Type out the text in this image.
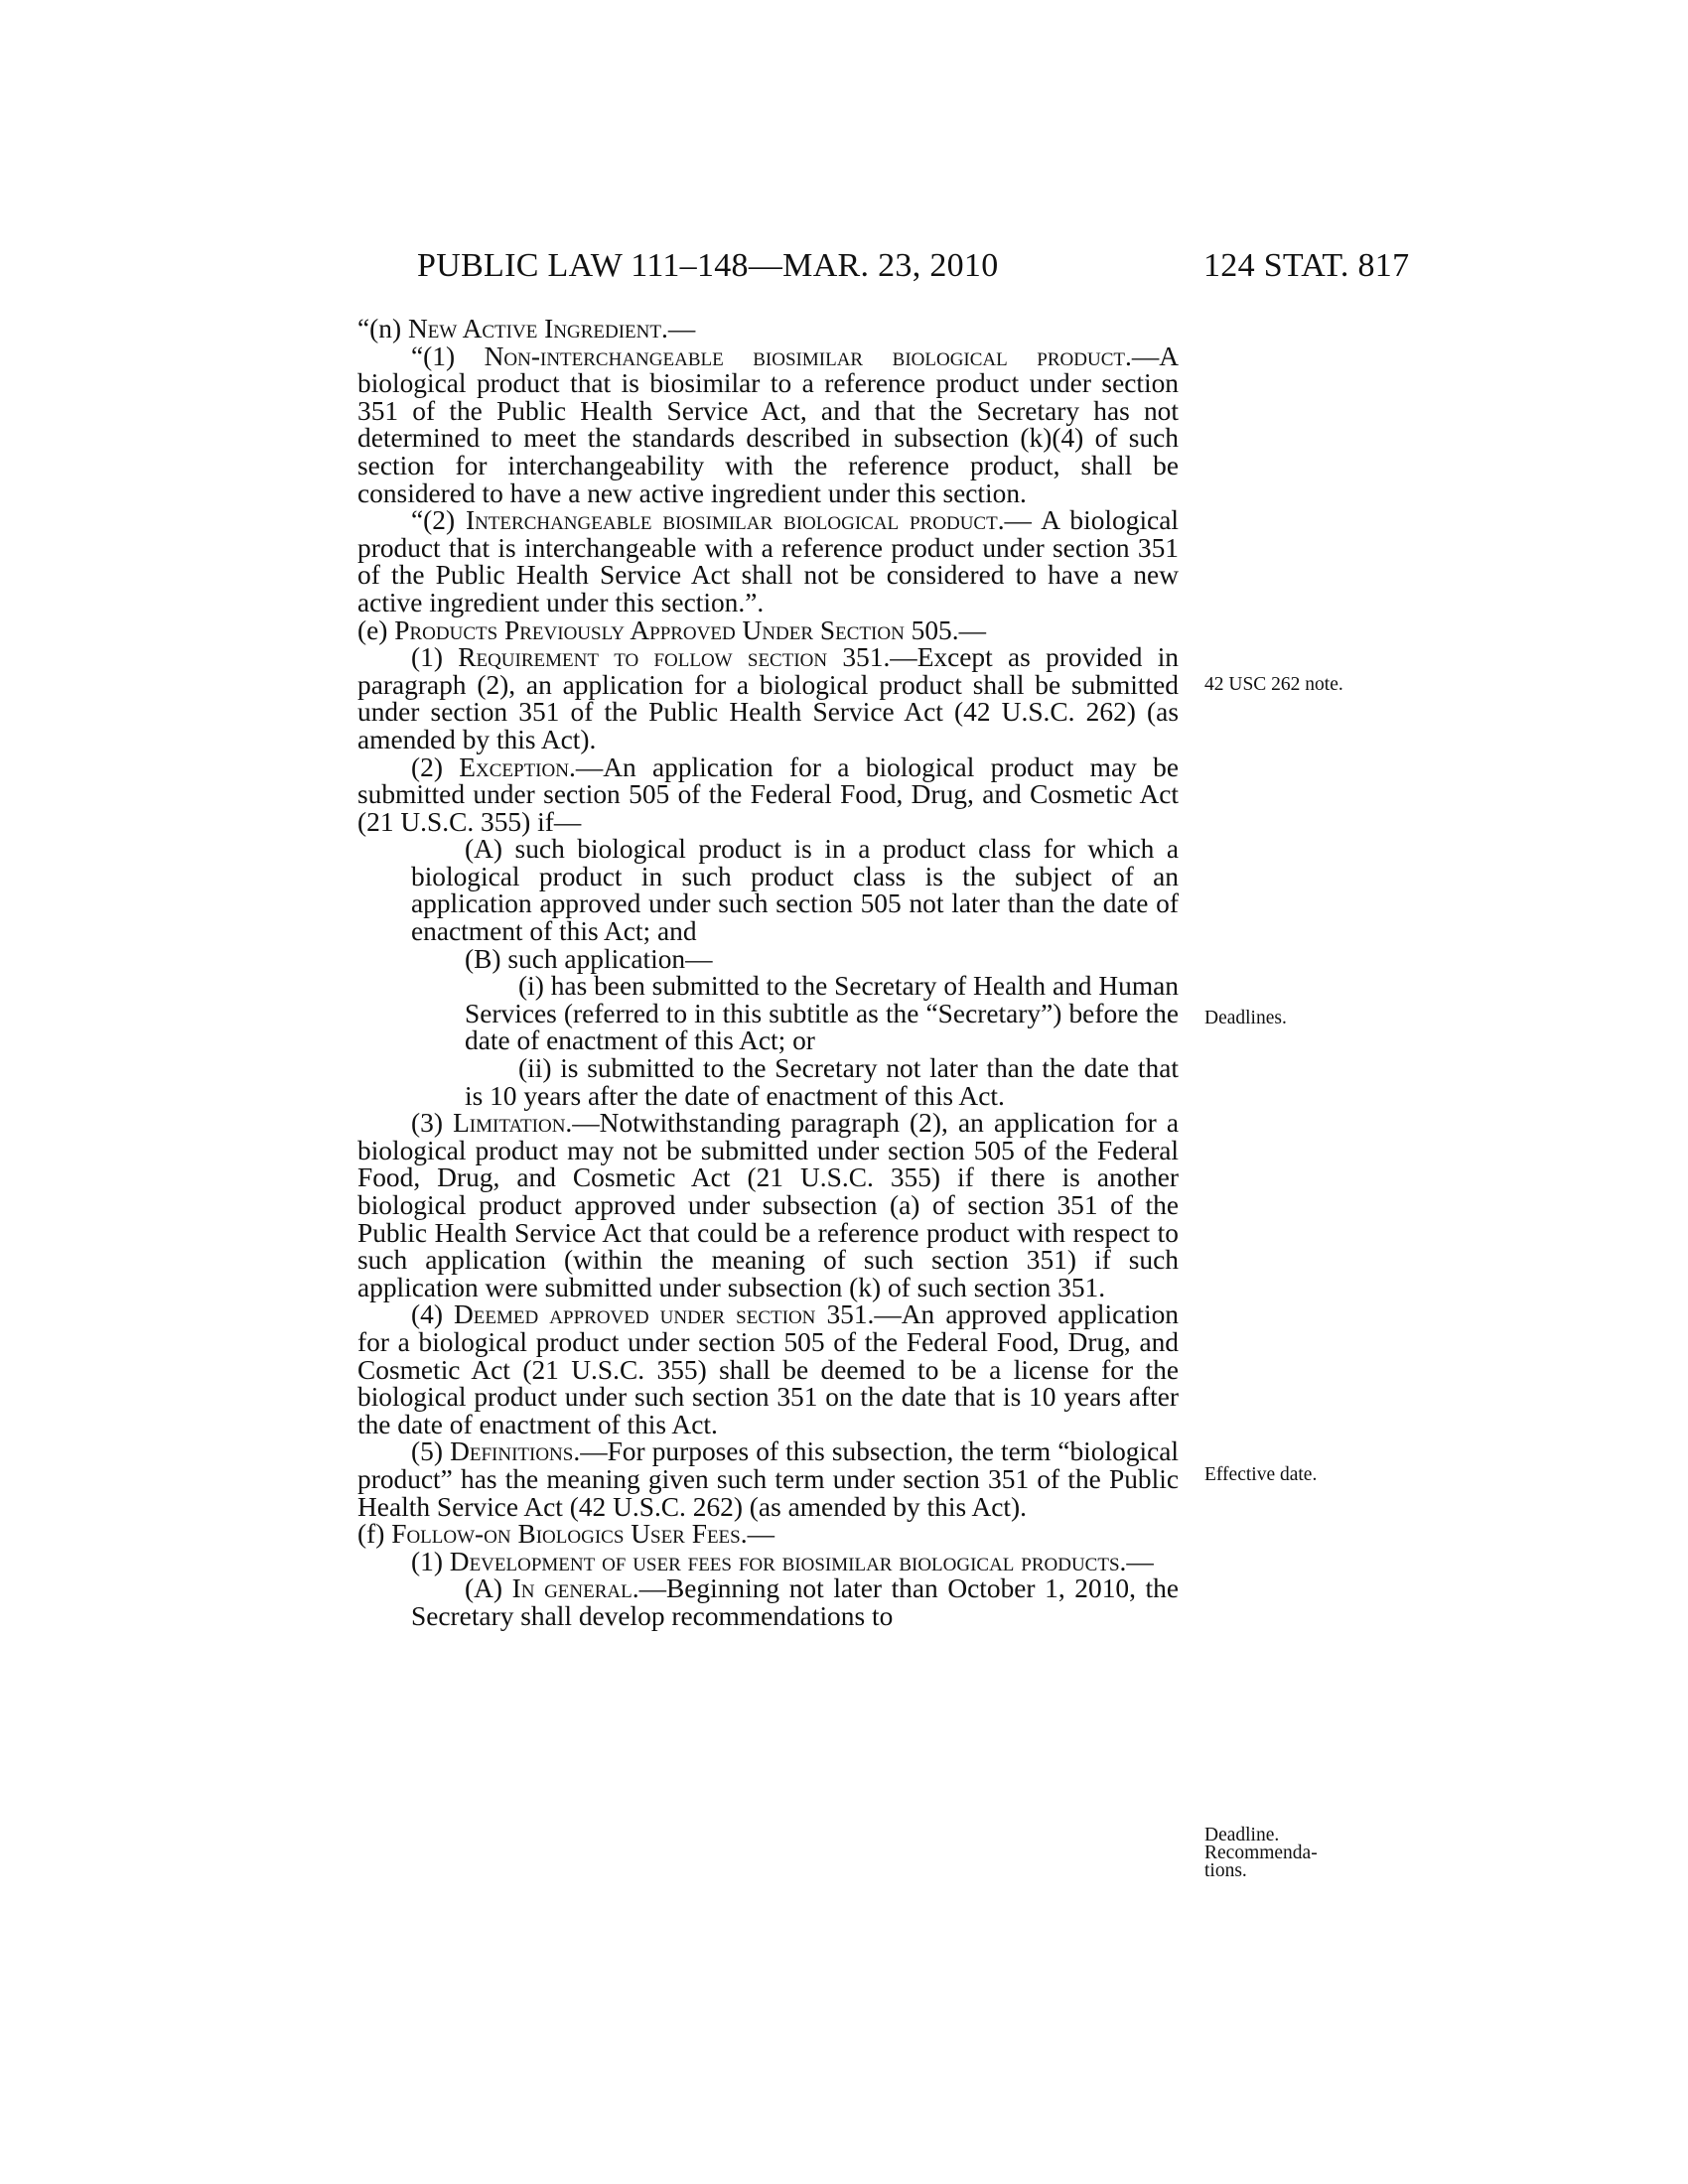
PUBLIC LAW 111–148—MAR. 23, 2010	124 STAT. 817

“(n) New Active Ingredient.—

“(1) Non-interchangeable biosimilar biological product.—A biological product that is biosimilar to a reference product under section 351 of the Public Health Service Act, and that the Secretary has not determined to meet the standards described in subsection (k)(4) of such section for interchangeability with the reference product, shall be considered to have a new active ingredient under this section.

“(2) Interchangeable biosimilar biological product.— A biological product that is interchangeable with a reference product under section 351 of the Public Health Service Act shall not be considered to have a new active ingredient under this section.”.

(e) Products Previously Approved Under Section 505.—

(1) Requirement to follow section 351.—Except as provided in paragraph (2), an application for a biological product shall be submitted under section 351 of the Public Health Service Act (42 U.S.C. 262) (as amended by this Act).

(2) Exception.—An application for a biological product may be submitted under section 505 of the Federal Food, Drug, and Cosmetic Act (21 U.S.C. 355) if—

(A) such biological product is in a product class for which a biological product in such product class is the subject of an application approved under such section 505 not later than the date of enactment of this Act; and

(B) such application—

(i) has been submitted to the Secretary of Health and Human Services (referred to in this subtitle as the “Secretary”) before the date of enactment of this Act; or

(ii) is submitted to the Secretary not later than the date that is 10 years after the date of enactment of this Act.

(3) Limitation.—Notwithstanding paragraph (2), an application for a biological product may not be submitted under section 505 of the Federal Food, Drug, and Cosmetic Act (21 U.S.C. 355) if there is another biological product approved under subsection (a) of section 351 of the Public Health Service Act that could be a reference product with respect to such application (within the meaning of such section 351) if such application were submitted under subsection (k) of such section 351.

(4) Deemed approved under section 351.—An approved application for a biological product under section 505 of the Federal Food, Drug, and Cosmetic Act (21 U.S.C. 355) shall be deemed to be a license for the biological product under such section 351 on the date that is 10 years after the date of enactment of this Act.

(5) Definitions.—For purposes of this subsection, the term “biological product” has the meaning given such term under section 351 of the Public Health Service Act (42 U.S.C. 262) (as amended by this Act).

(f) Follow-on Biologics User Fees.—

(1) Development of user fees for biosimilar biological products.—

(A) In general.—Beginning not later than October 1, 2010, the Secretary shall develop recommendations to

42 USC 262 note.
Deadlines.
Effective date.
Deadline.
Recommenda-
tions.
